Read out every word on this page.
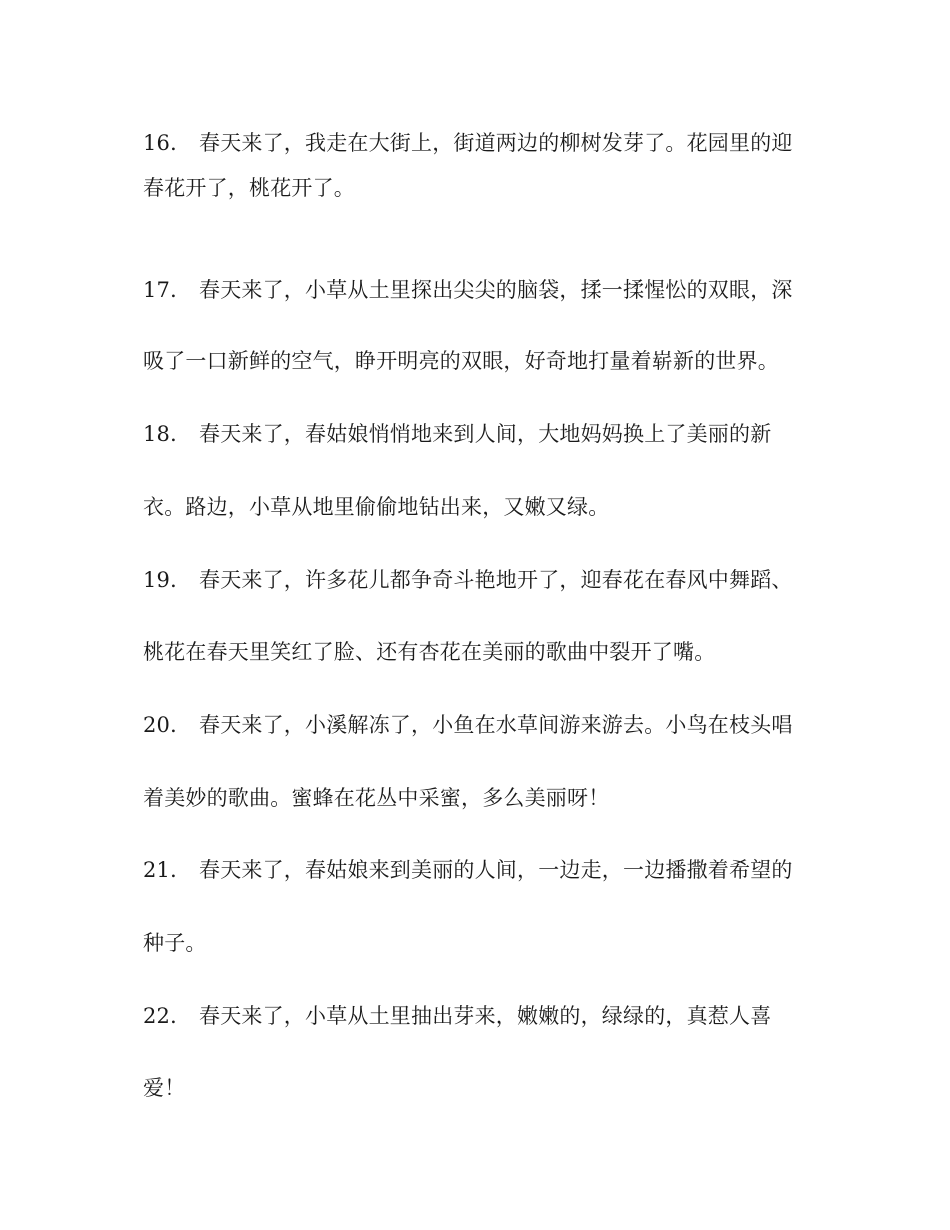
16． 春天来了，我走在大街上，街道两边的柳树发芽了。花园里的迎
春花开了，桃花开了。
17． 春天来了，小草从土里探出尖尖的脑袋，揉一揉惺忪的双眼，深
吸了一口新鲜的空气，睁开明亮的双眼，好奇地打量着崭新的世界。
18． 春天来了，春姑娘悄悄地来到人间，大地妈妈换上了美丽的新
衣。路边，小草从地里偷偷地钻出来，又嫩又绿。
19． 春天来了，许多花儿都争奇斗艳地开了，迎春花在春风中舞蹈、
桃花在春天里笑红了脸、还有杏花在美丽的歌曲中裂开了嘴。
20． 春天来了，小溪解冻了，小鱼在水草间游来游去。小鸟在枝头唱
着美妙的歌曲。蜜蜂在花丛中采蜜，多么美丽呀！
21． 春天来了，春姑娘来到美丽的人间，一边走，一边播撒着希望的
种子。
22． 春天来了，小草从土里抽出芽来，嫩嫩的，绿绿的，真惹人喜
爱！
